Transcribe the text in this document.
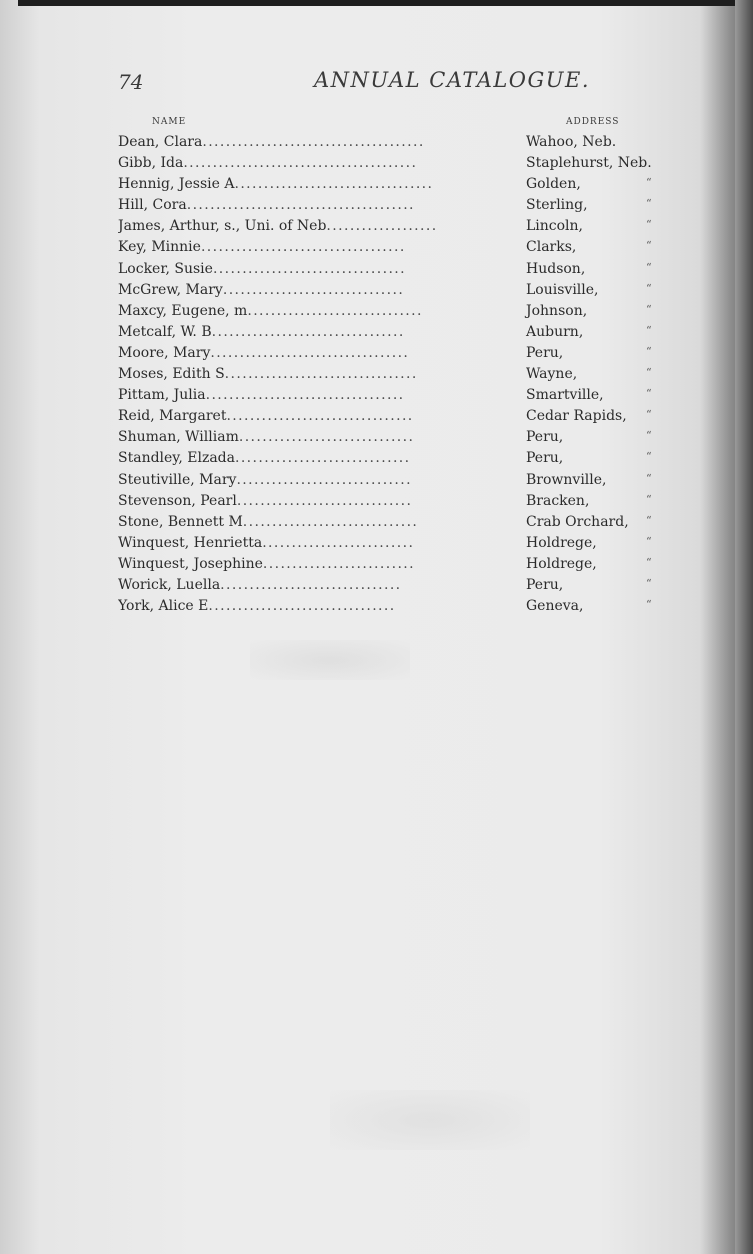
74	ANNUAL CATALOGUE.
NAME	ADDRESS
Dean, Clara......................................	Wahoo, Neb.
Gibb, Ida........................................	Staplehurst, Neb.
Hennig, Jessie A..................................	Golden,	“
Hill, Cora.......................................	Sterling,	“
James, Arthur, s., Uni. of Neb...................	Lincoln,	“
Key, Minnie...................................	Clarks,	“
Locker, Susie.................................	Hudson,	“
McGrew, Mary...............................	Louisville,	“
Maxcy, Eugene, m..............................	Johnson,	“
Metcalf, W. B.................................	Auburn,	“
Moore, Mary..................................	Peru,	“
Moses, Edith S.................................	Wayne,	“
Pittam, Julia..................................	Smartville,	“
Reid, Margaret................................	Cedar Rapids, “
Shuman, William..............................	Peru,	“
Standley, Elzada..............................	Peru,	“
Steutiville, Mary..............................	Brownville,	“
Stevenson, Pearl..............................	Bracken,	“
Stone, Bennett M..............................	Crab Orchard, “
Winquest, Henrietta..........................	Holdrege,	“
Winquest, Josephine..........................	Holdrege,	“
Worick, Luella...............................	Peru,	“
York, Alice E................................	Geneva,	“
